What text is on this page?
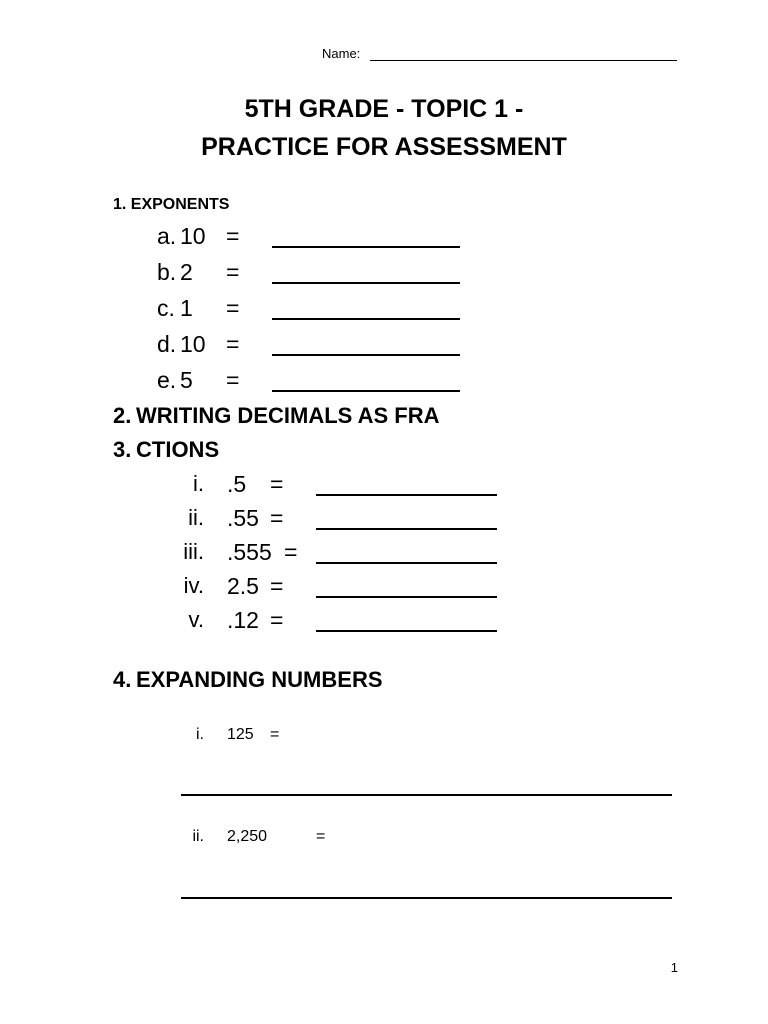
Name:
5TH GRADE - TOPIC 1 -
PRACTICE FOR ASSESSMENT
1. EXPONENTS
a. 10 =
b. 2 =
c. 1 =
d. 10 =
e. 5 =
2. WRITING DECIMALS AS FRA
3. CTIONS
i. .5 =
ii. .55 =
iii. .555 =
iv. 2.5 =
v. .12 =
4. EXPANDING NUMBERS
i. 125 =
ii. 2,250	=
1
